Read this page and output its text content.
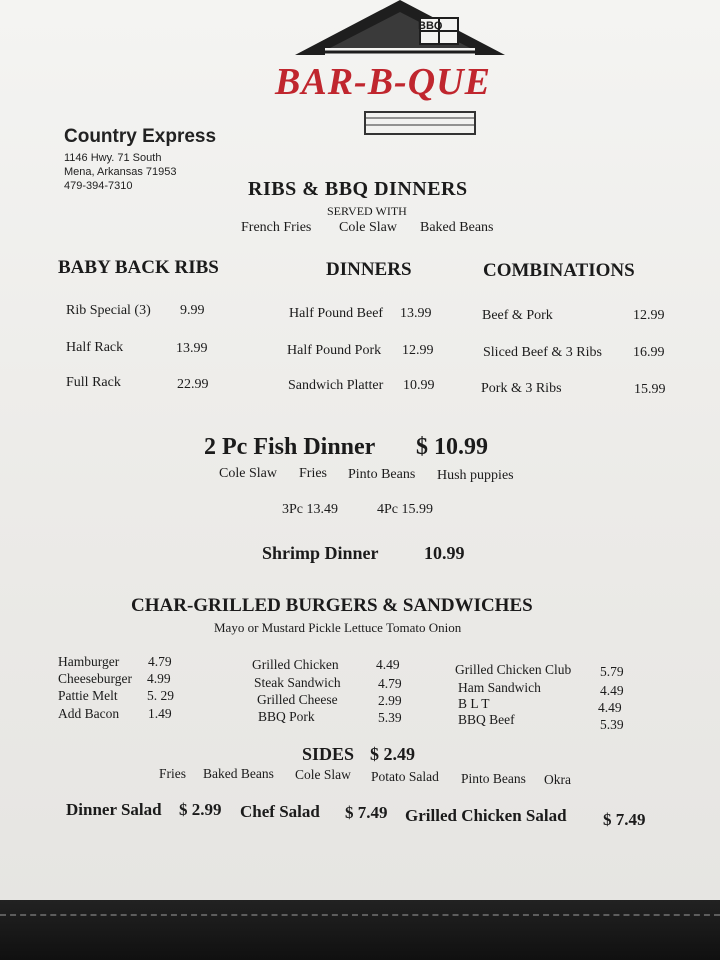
BAR-B-QUE
BBQ
Country Express
1146 Hwy. 71 South
Mena, Arkansas 71953
479-394-7310	RIBS & BBQ DINNERS
SERVED WITH
French Fries Cole Slaw Baked Beans
BABY BACK RIBS	DINNERS	COMBINATIONS
Rib Special (3) 9.99
Half Rack	13.99
Full Rack	22.99
Half Pound Beef 13.99
Half Pound Pork 12.99
Sandwich Platter 10.99
Beef & Pork	12.99
Sliced Beef & 3 Ribs 16.99
Pork & 3 Ribs	15.99
2 Pc Fish Dinner $ 10.99
Cole Slaw Fries Pinto Beans Hush puppies
3Pc 13.49	4Pc 15.99
Shrimp Dinner	10.99
CHAR-GRILLED BURGERS & SANDWICHES
Mayo or Mustard Pickle Lettuce Tomato Onion
Hamburger 4.79
Cheeseburger 4.99
Pattie Melt 5. 29
Add Bacon 1.49
Grilled Chicken	4.49
Steak Sandwich	4.79
Grilled Cheese	2.99
BBQ Pork	5.39
Grilled Chicken Club 5.79
Ham Sandwich	4.49
B L T	4.49
BBQ Beef	5.39
SIDES $ 2.49
Fries Baked Beans Cole Slaw Potato Salad Pinto Beans Okra
Dinner Salad $ 2.99 Chef Salad $ 7.49 Grilled Chicken Salad $ 7.49
